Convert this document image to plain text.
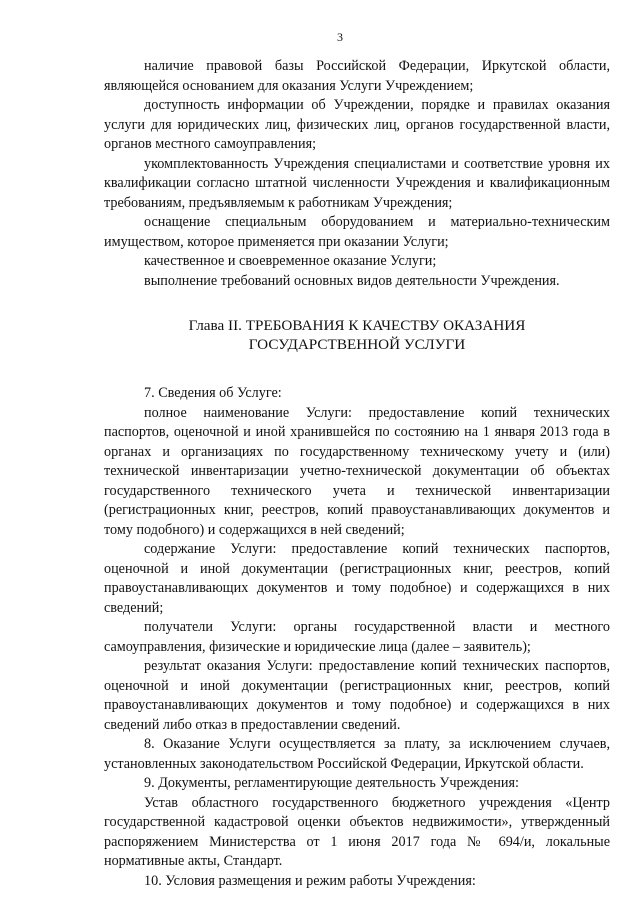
3

наличие правовой базы Российской Федерации, Иркутской области, являющейся основанием для оказания Услуги Учреждением;

доступность информации об Учреждении, порядке и правилах оказания услуги для юридических лиц, физических лиц, органов государственной власти, органов местного самоуправления;

укомплектованность Учреждения специалистами и соответствие уровня их квалификации согласно штатной численности Учреждения и квалификационным требованиям, предъявляемым к работникам Учреждения;

оснащение специальным оборудованием и материально-техническим имуществом, которое применяется при оказании Услуги;

качественное и своевременное оказание Услуги;

выполнение требований основных видов деятельности Учреждения.

Глава II. ТРЕБОВАНИЯ К КАЧЕСТВУ ОКАЗАНИЯ
ГОСУДАРСТВЕННОЙ УСЛУГИ

7. Сведения об Услуге:

полное наименование Услуги: предоставление копий технических паспортов, оценочной и иной хранившейся по состоянию на 1 января 2013 года в органах и организациях по государственному техническому учету и (или) технической инвентаризации учетно-технической документации об объектах государственного технического учета и технической инвентаризации (регистрационных книг, реестров, копий правоустанавливающих документов и тому подобного) и содержащихся в ней сведений;

содержание Услуги: предоставление копий технических паспортов, оценочной и иной документации (регистрационных книг, реестров, копий правоустанавливающих документов и тому подобное) и содержащихся в них сведений;

получатели Услуги: органы государственной власти и местного самоуправления, физические и юридические лица (далее – заявитель);

результат оказания Услуги: предоставление копий технических паспортов, оценочной и иной документации (регистрационных книг, реестров, копий правоустанавливающих документов и тому подобное) и содержащихся в них сведений либо отказ в предоставлении сведений.

8. Оказание Услуги осуществляется за плату, за исключением случаев, установленных законодательством Российской Федерации, Иркутской области.

9. Документы, регламентирующие деятельность Учреждения:

Устав областного государственного бюджетного учреждения «Центр государственной кадастровой оценки объектов недвижимости», утвержденный распоряжением Министерства от 1 июня 2017 года № 694/и, локальные нормативные акты, Стандарт.

10. Условия размещения и режим работы Учреждения:
